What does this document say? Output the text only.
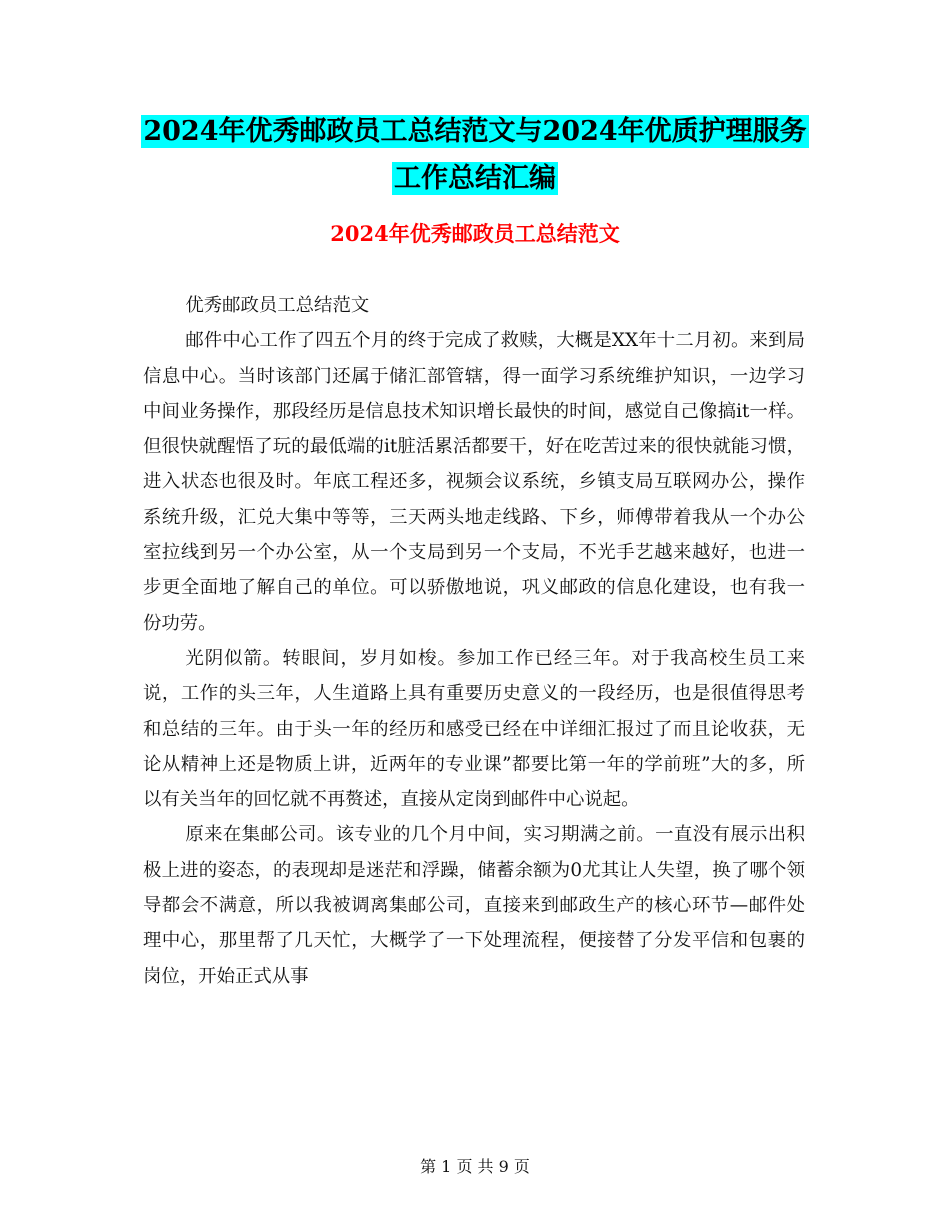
2024年优秀邮政员工总结范文与2024年优质护理服务
工作总结汇编
2024年优秀邮政员工总结范文

优秀邮政员工总结范文

邮件中心工作了四五个月的终于完成了救赎，大概是XX年十二月初。来到局信息中心。当时该部门还属于储汇部管辖，得一面学习系统维护知识，一边学习中间业务操作，那段经历是信息技术知识增长最快的时间，感觉自己像搞it一样。但很快就醒悟了玩的最低端的it脏活累活都要干，好在吃苦过来的很快就能习惯，进入状态也很及时。年底工程还多，视频会议系统，乡镇支局互联网办公，操作系统升级，汇兑大集中等等，三天两头地走线路、下乡，师傅带着我从一个办公室拉线到另一个办公室，从一个支局到另一个支局，不光手艺越来越好，也进一步更全面地了解自己的单位。可以骄傲地说，巩义邮政的信息化建设，也有我一份功劳。

光阴似箭。转眼间，岁月如梭。参加工作已经三年。对于我高校生员工来说，工作的头三年，人生道路上具有重要历史意义的一段经历，也是很值得思考和总结的三年。由于头一年的经历和感受已经在中详细汇报过了而且论收获，无论从精神上还是物质上讲，近两年的专业课”都要比第一年的学前班”大的多，所以有关当年的回忆就不再赘述，直接从定岗到邮件中心说起。

原来在集邮公司。该专业的几个月中间，实习期满之前。一直没有展示出积极上进的姿态，的表现却是迷茫和浮躁，储蓄余额为0尤其让人失望，换了哪个领导都会不满意，所以我被调离集邮公司，直接来到邮政生产的核心环节—邮件处理中心，那里帮了几天忙，大概学了一下处理流程，便接替了分发平信和包裹的岗位，开始正式从事

第 1 页 共 9 页
